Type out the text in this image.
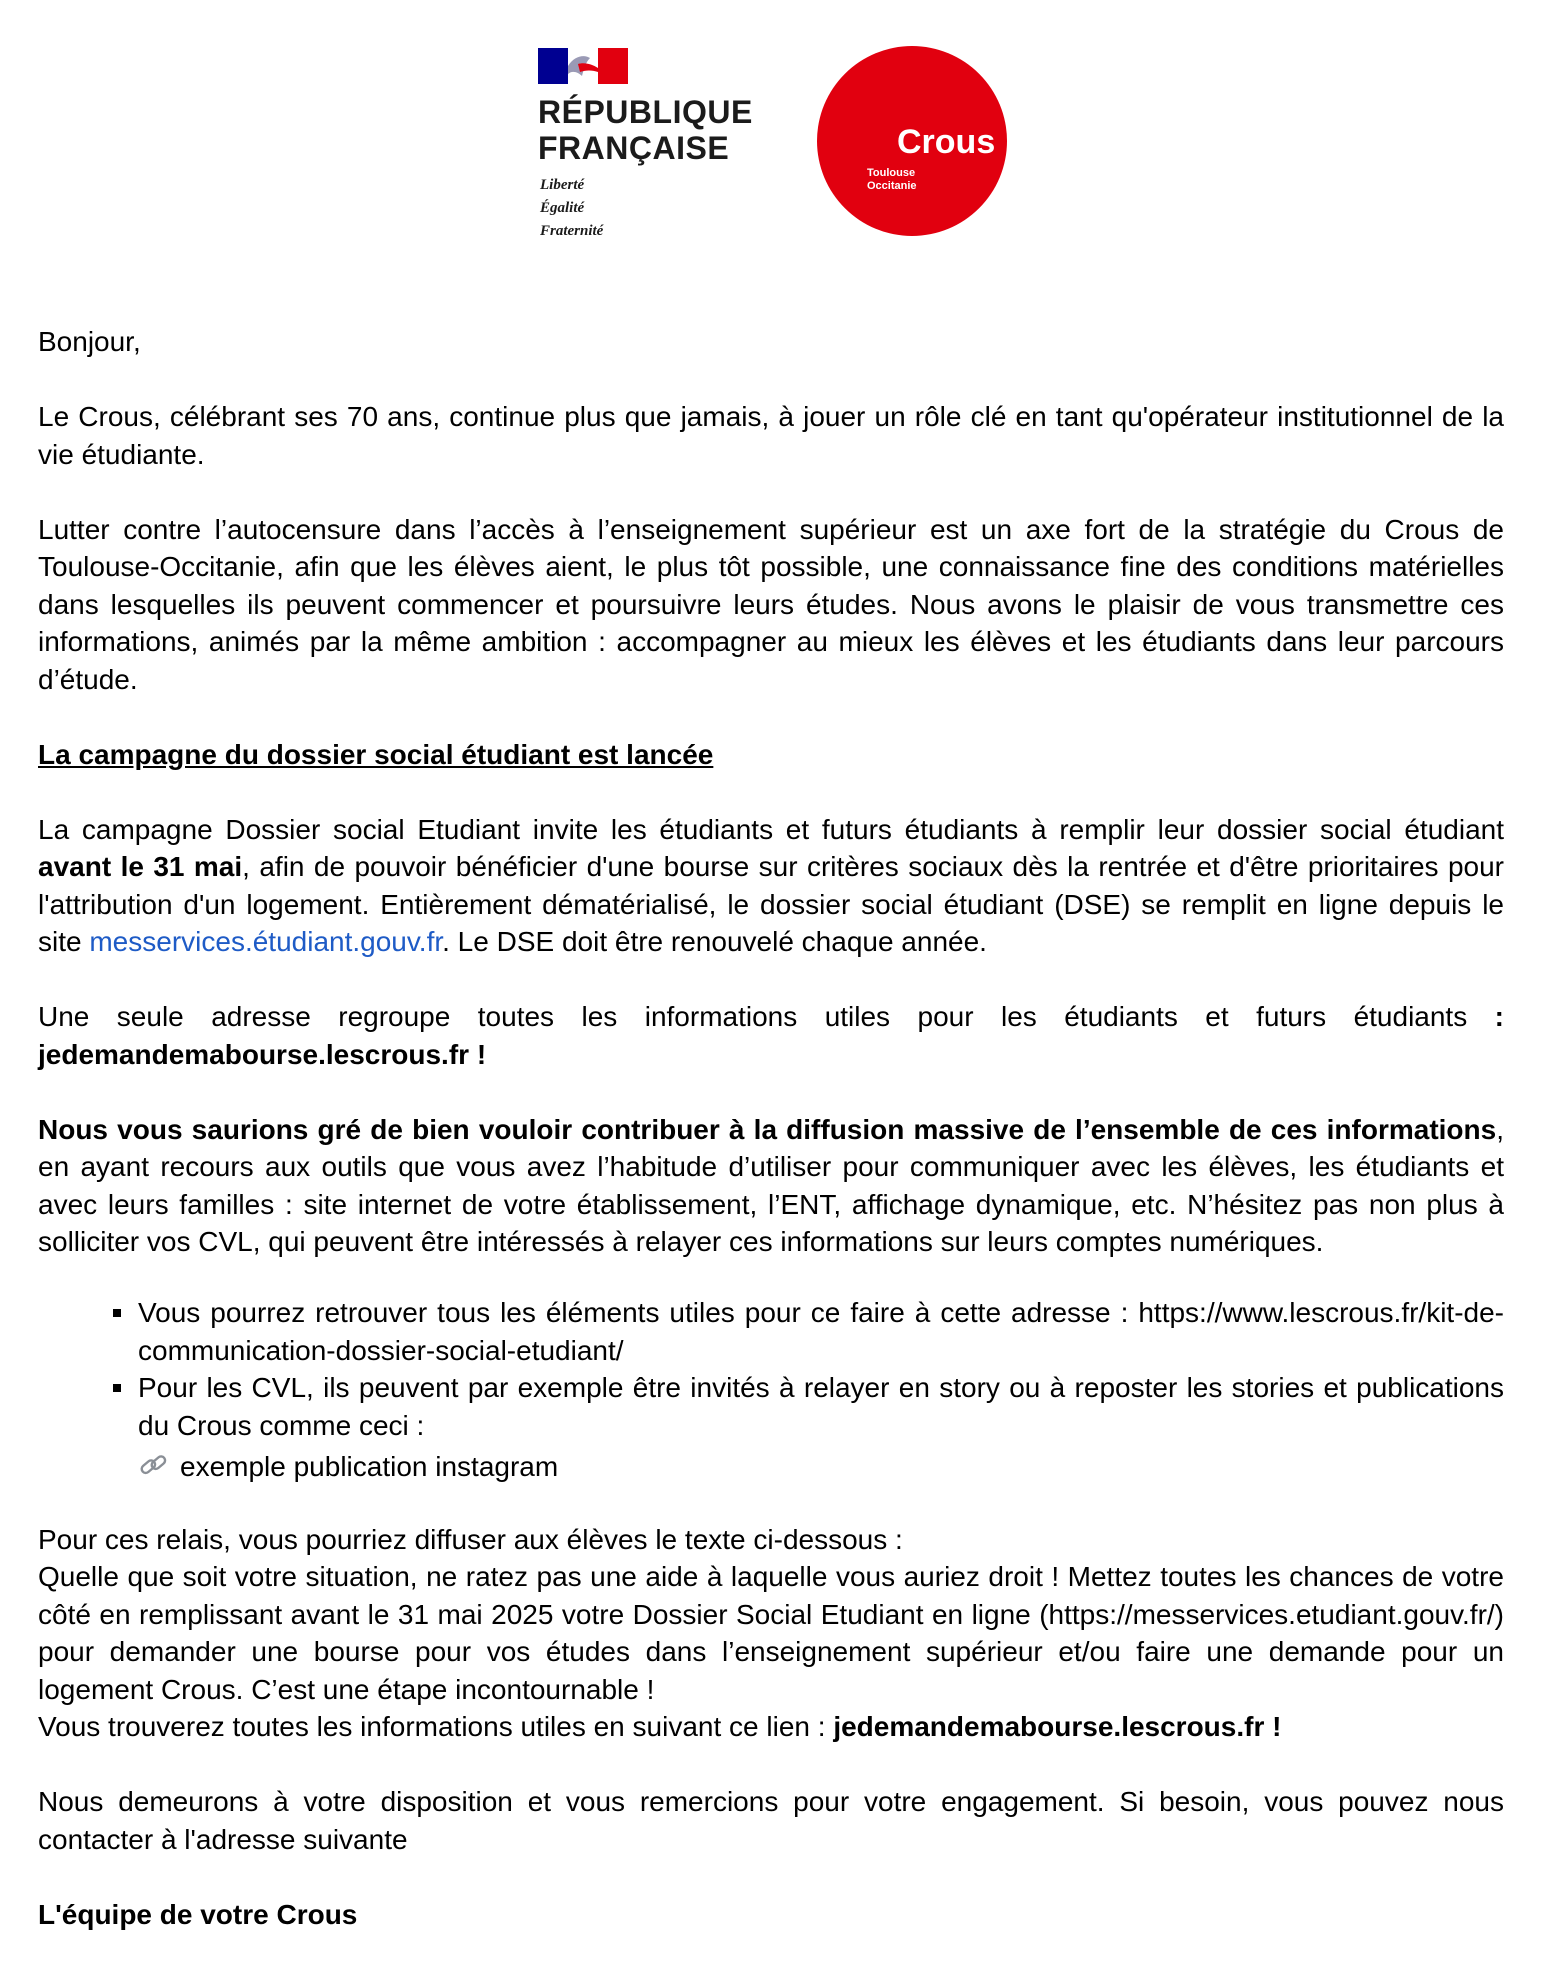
RÉPUBLIQUE
FRANÇAISE
Liberté
Égalité
Fraternité
Crous
Toulouse
Occitanie

Bonjour,

Le Crous, célébrant ses 70 ans, continue plus que jamais, à jouer un rôle clé en tant qu'opérateur institutionnel de la vie étudiante.

Lutter contre l’autocensure dans l’accès à l’enseignement supérieur est un axe fort de la stratégie du Crous de Toulouse-Occitanie, afin que les élèves aient, le plus tôt possible, une connaissance fine des conditions matérielles dans lesquelles ils peuvent commencer et poursuivre leurs études. Nous avons le plaisir de vous transmettre ces informations, animés par la même ambition : accompagner au mieux les élèves et les étudiants dans leur parcours d’étude.

La campagne du dossier social étudiant est lancée

La campagne Dossier social Etudiant invite les étudiants et futurs étudiants à remplir leur dossier social étudiant avant le 31 mai, afin de pouvoir bénéficier d'une bourse sur critères sociaux dès la rentrée et d'être prioritaires pour l'attribution d'un logement. Entièrement dématérialisé, le dossier social étudiant (DSE) se remplit en ligne depuis le site messervices.étudiant.gouv.fr. Le DSE doit être renouvelé chaque année.

Une seule adresse regroupe toutes les informations utiles pour les étudiants et futurs étudiants : jedemandemabourse.lescrous.fr !

Nous vous saurions gré de bien vouloir contribuer à la diffusion massive de l’ensemble de ces informations, en ayant recours aux outils que vous avez l’habitude d’utiliser pour communiquer avec les élèves, les étudiants et avec leurs familles : site internet de votre établissement, l’ENT, affichage dynamique, etc. N’hésitez pas non plus à solliciter vos CVL, qui peuvent être intéressés à relayer ces informations sur leurs comptes numériques.

Vous pourrez retrouver tous les éléments utiles pour ce faire à cette adresse : https://www.lescrous.fr/kit-de-communication-dossier-social-etudiant/
Pour les CVL, ils peuvent par exemple être invités à relayer en story ou à reposter les stories et publications du Crous comme ceci :
exemple publication instagram

Pour ces relais, vous pourriez diffuser aux élèves le texte ci-dessous :
Quelle que soit votre situation, ne ratez pas une aide à laquelle vous auriez droit ! Mettez toutes les chances de votre côté en remplissant avant le 31 mai 2025 votre Dossier Social Etudiant en ligne (https://messervices.etudiant.gouv.fr/) pour demander une bourse pour vos études dans l’enseignement supérieur et/ou faire une demande pour un logement Crous. C’est une étape incontournable !
Vous trouverez toutes les informations utiles en suivant ce lien : jedemandemabourse.lescrous.fr !

Nous demeurons à votre disposition et vous remercions pour votre engagement. Si besoin, vous pouvez nous contacter à l'adresse suivante

L'équipe de votre Crous
